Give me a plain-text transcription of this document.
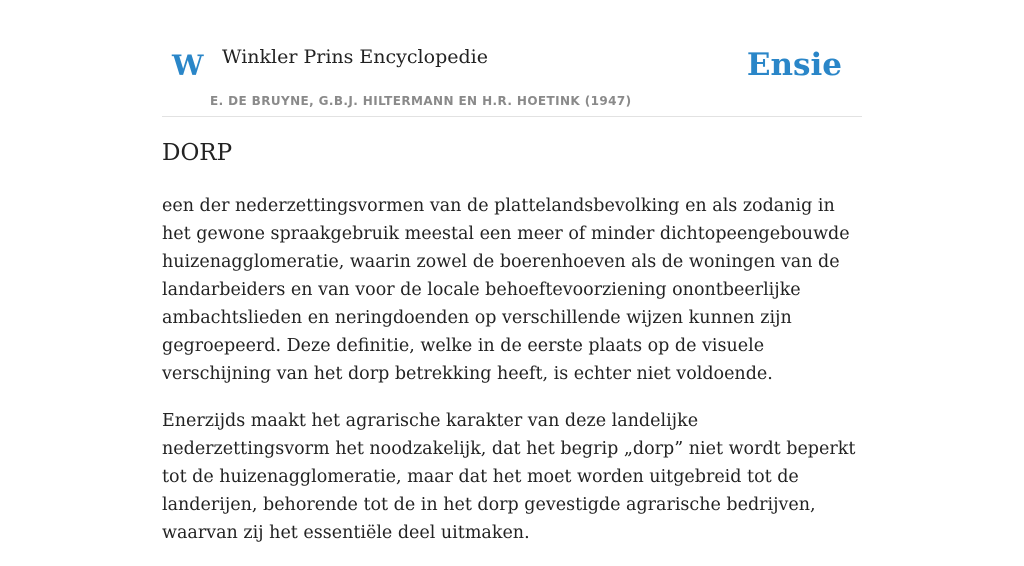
W Winkler Prins Encyclopedie
E. DE BRUYNE, G.B.J. HILTERMANN EN H.R. HOETINK (1947)
Ensie
DORP

een der nederzettingsvormen van de plattelandsbevolking en als zodanig in het gewone spraakgebruik meestal een meer of minder dichtopeengebouwde huizenagglomeratie, waarin zowel de boerenhoeven als de woningen van de landarbeiders en van voor de locale behoeftevoorziening onontbeerlijke ambachtslieden en neringdoenden op verschillende wijzen kunnen zijn gegroepeerd. Deze definitie, welke in de eerste plaats op de visuele verschijning van het dorp betrekking heeft, is echter niet voldoende.

Enerzijds maakt het agrarische karakter van deze landelijke nederzettingsvorm het noodzakelijk, dat het begrip „dorp” niet wordt beperkt tot de huizenagglomeratie, maar dat het moet worden uitgebreid tot de landerijen, behorende tot de in het dorp gevestigde agrarische bedrijven, waarvan zij het essentiële deel uitmaken.
